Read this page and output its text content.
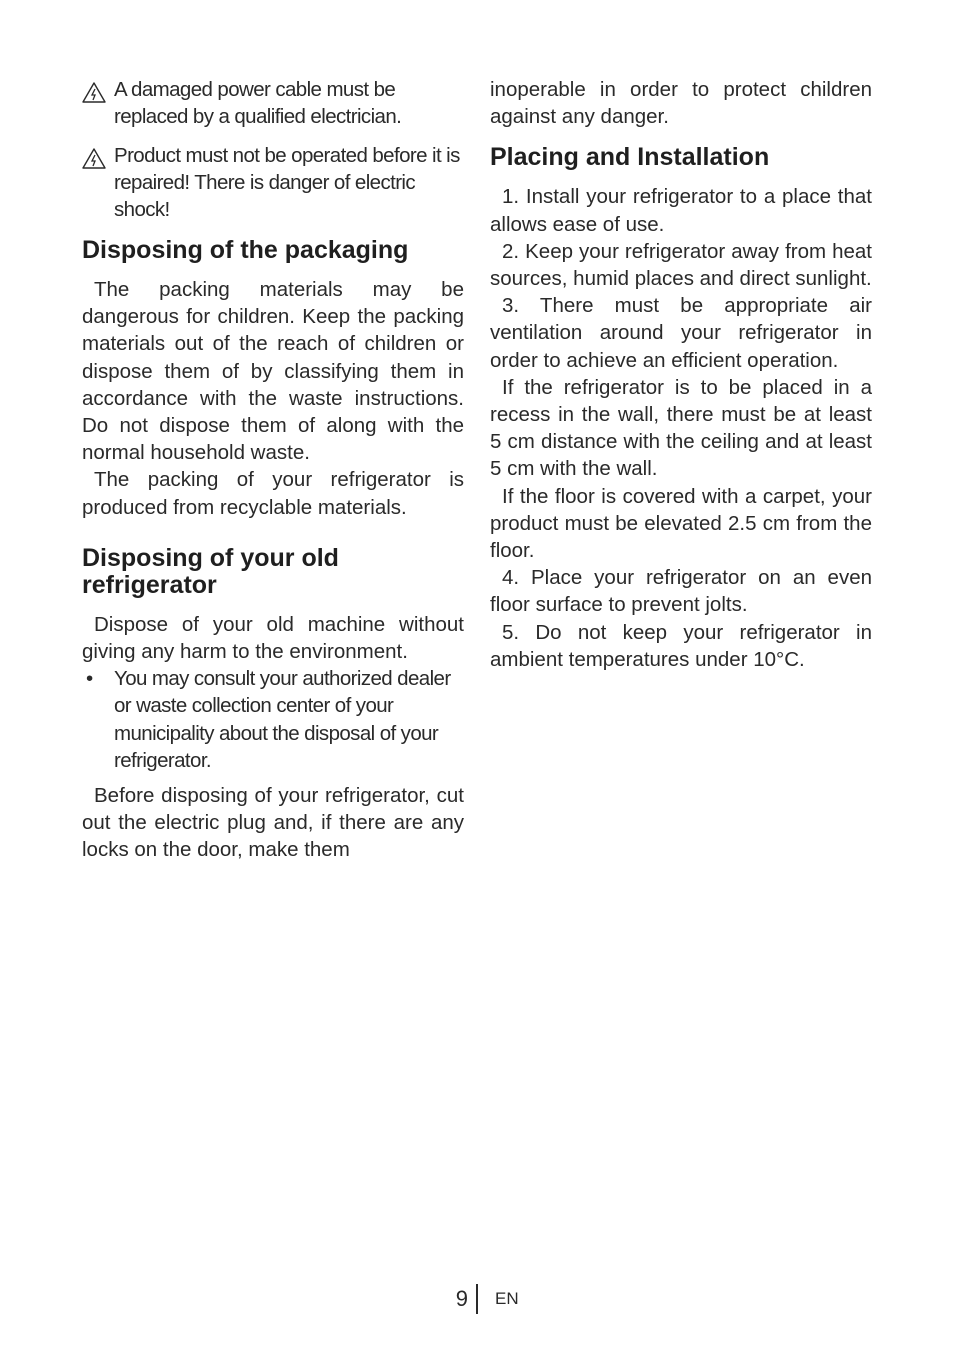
A damaged power cable must be replaced by a qualified electrician.
Product must not be operated before it is repaired! There is danger of electric shock!
Disposing of the packaging

The packing materials may be dangerous for children. Keep the packing materials out of the reach of children or dispose them of by classifying them in accordance with the waste instructions. Do not dispose them of along with the normal household waste.

The packing of your refrigerator is produced from recyclable materials.

Disposing of your old
refrigerator

Dispose of your old machine without giving any harm to the environment.

• You may consult your authorized dealer or waste collection center of your municipality about the disposal of your refrigerator.

Before disposing of your refrigerator, cut out the electric plug and, if there are any locks on the door, make them

inoperable in order to protect children against any danger.

Placing and Installation

1. Install your refrigerator to a place that allows ease of use.

2. Keep your refrigerator away from heat sources, humid places and direct sunlight.

3. There must be appropriate air ventilation around your refrigerator in order to achieve an efficient operation.

If the refrigerator is to be placed in a recess in the wall, there must be at least 5 cm distance with the ceiling and at least 5 cm with the wall.

If the floor is covered with a carpet, your product must be elevated 2.5 cm from the floor.

4. Place your refrigerator on an even floor surface to prevent jolts.

5. Do not keep your refrigerator in ambient temperatures under 10°C.

9 EN
